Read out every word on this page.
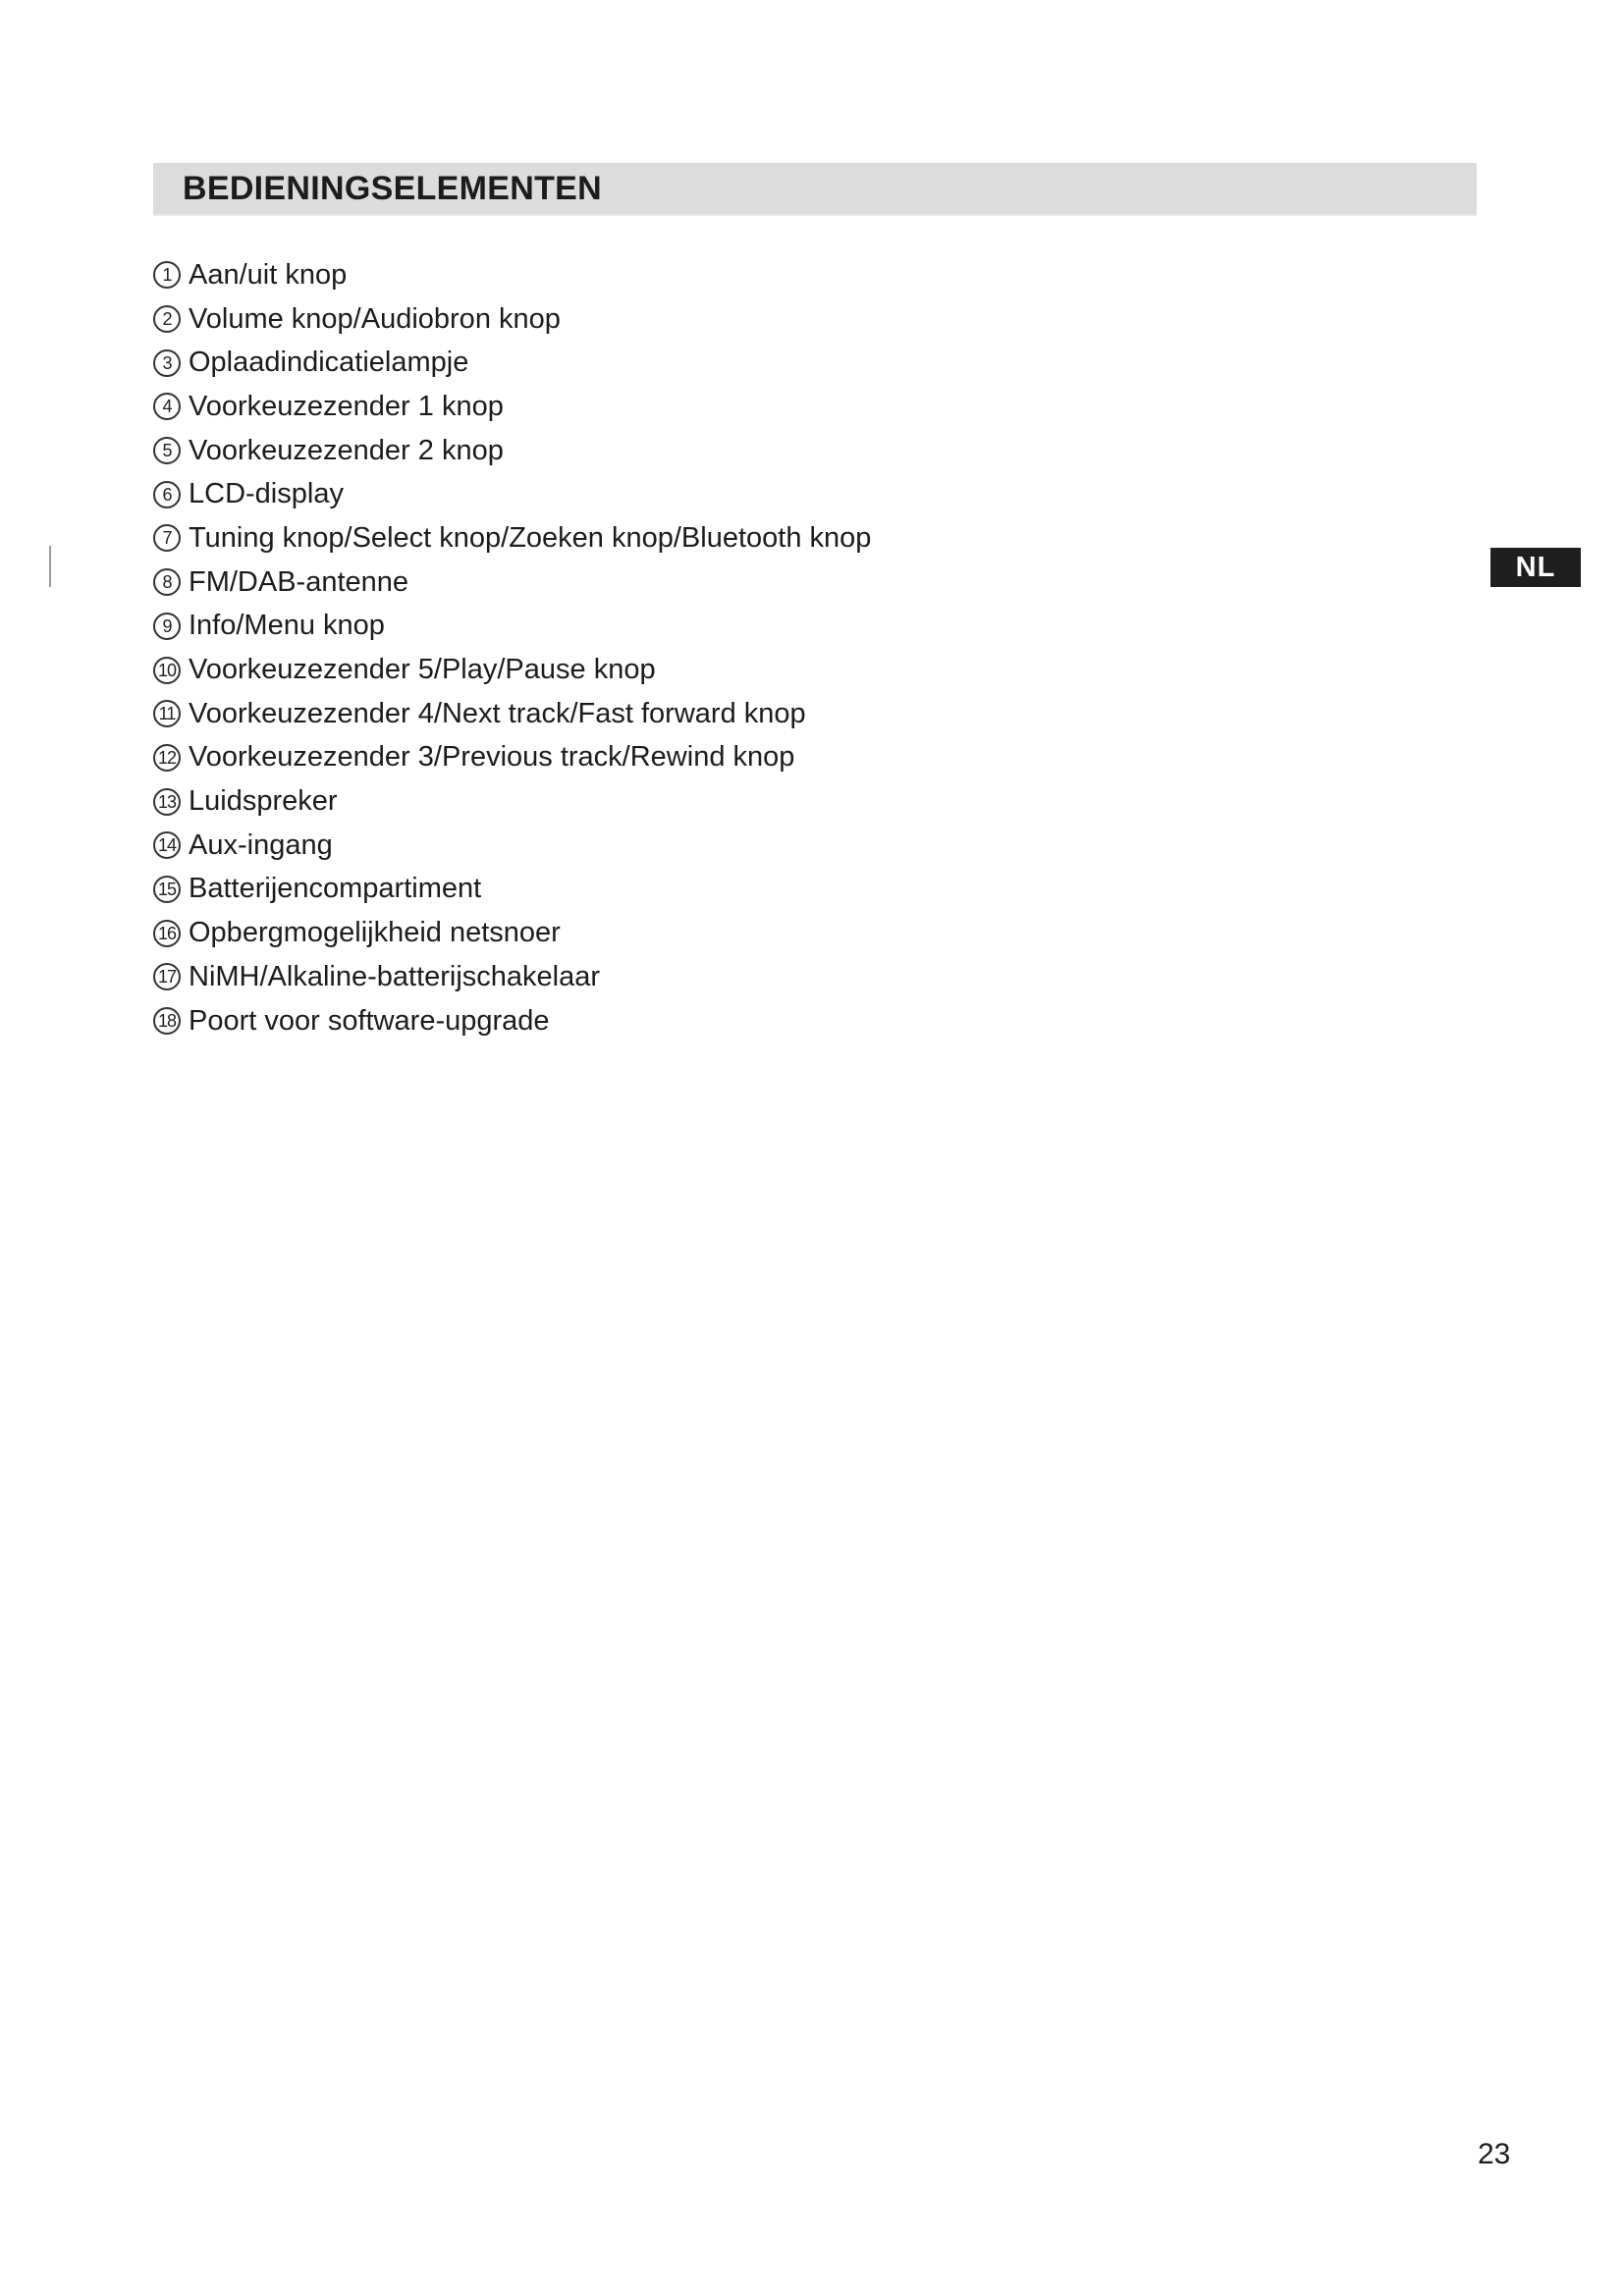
BEDIENINGSELEMENTEN
1 Aan/uit knop
2 Volume knop/Audiobron knop
3 Oplaadindicatielampje
4 Voorkeuzezender 1 knop
5 Voorkeuzezender 2 knop
6 LCD-display
7 Tuning knop/Select knop/Zoeken knop/Bluetooth knop
8 FM/DAB-antenne
9 Info/Menu knop
10 Voorkeuzezender 5/Play/Pause knop
11 Voorkeuzezender 4/Next track/Fast forward knop
12 Voorkeuzezender 3/Previous track/Rewind knop
13 Luidspreker
14 Aux-ingang
15 Batterijencompartiment
16 Opbergmogelijkheid netsnoer
17 NiMH/Alkaline-batterijschakelaar
18 Poort voor software-upgrade
NL
23
